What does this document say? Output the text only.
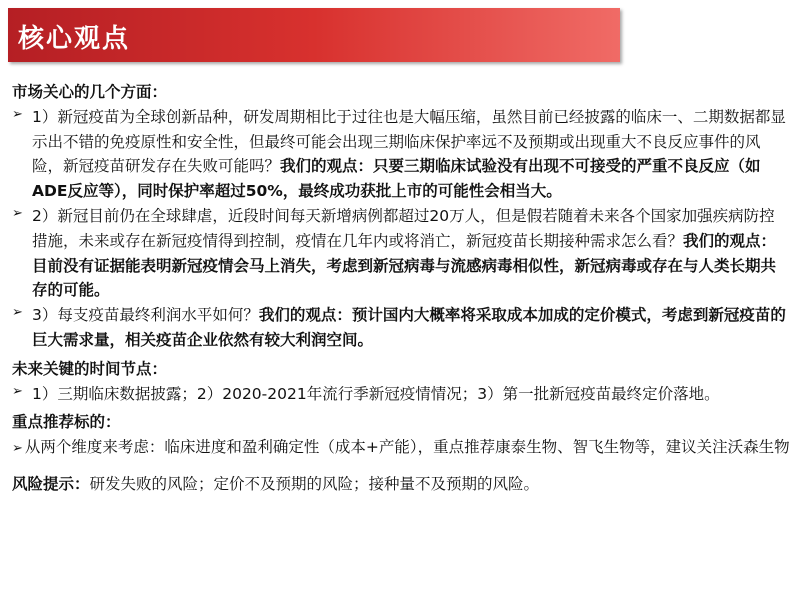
核心观点

市场关心的几个方面：

➢ 1）新冠疫苗为全球创新品种，研发周期相比于过往也是大幅压缩，虽然目前已经披露的临床一、二期数据都显示出不错的免疫原性和安全性，但最终可能会出现三期临床保护率远不及预期或出现重大不良反应事件的风险，新冠疫苗研发存在失败可能吗？我们的观点：只要三期临床试验没有出现不可接受的严重不良反应（如ADE反应等），同时保护率超过50%，最终成功获批上市的可能性会相当大。

➢ 2）新冠目前仍在全球肆虐，近段时间每天新增病例都超过20万人，但是假若随着未来各个国家加强疾病防控措施，未来或存在新冠疫情得到控制，疫情在几年内或将消亡，新冠疫苗长期接种需求怎么看？我们的观点：目前没有证据能表明新冠疫情会马上消失，考虑到新冠病毒与流感病毒相似性，新冠病毒或存在与人类长期共存的可能。

➢ 3）每支疫苗最终利润水平如何？我们的观点：预计国内大概率将采取成本加成的定价模式，考虑到新冠疫苗的巨大需求量，相关疫苗企业依然有较大利润空间。

未来关键的时间节点：

➢ 1）三期临床数据披露；2）2020-2021年流行季新冠疫情情况；3）第一批新冠疫苗最终定价落地。

重点推荐标的：

➢ 从两个维度来考虑：临床进度和盈利确定性（成本+产能），重点推荐康泰生物、智飞生物等，建议关注沃森生物

风险提示：研发失败的风险；定价不及预期的风险；接种量不及预期的风险。
